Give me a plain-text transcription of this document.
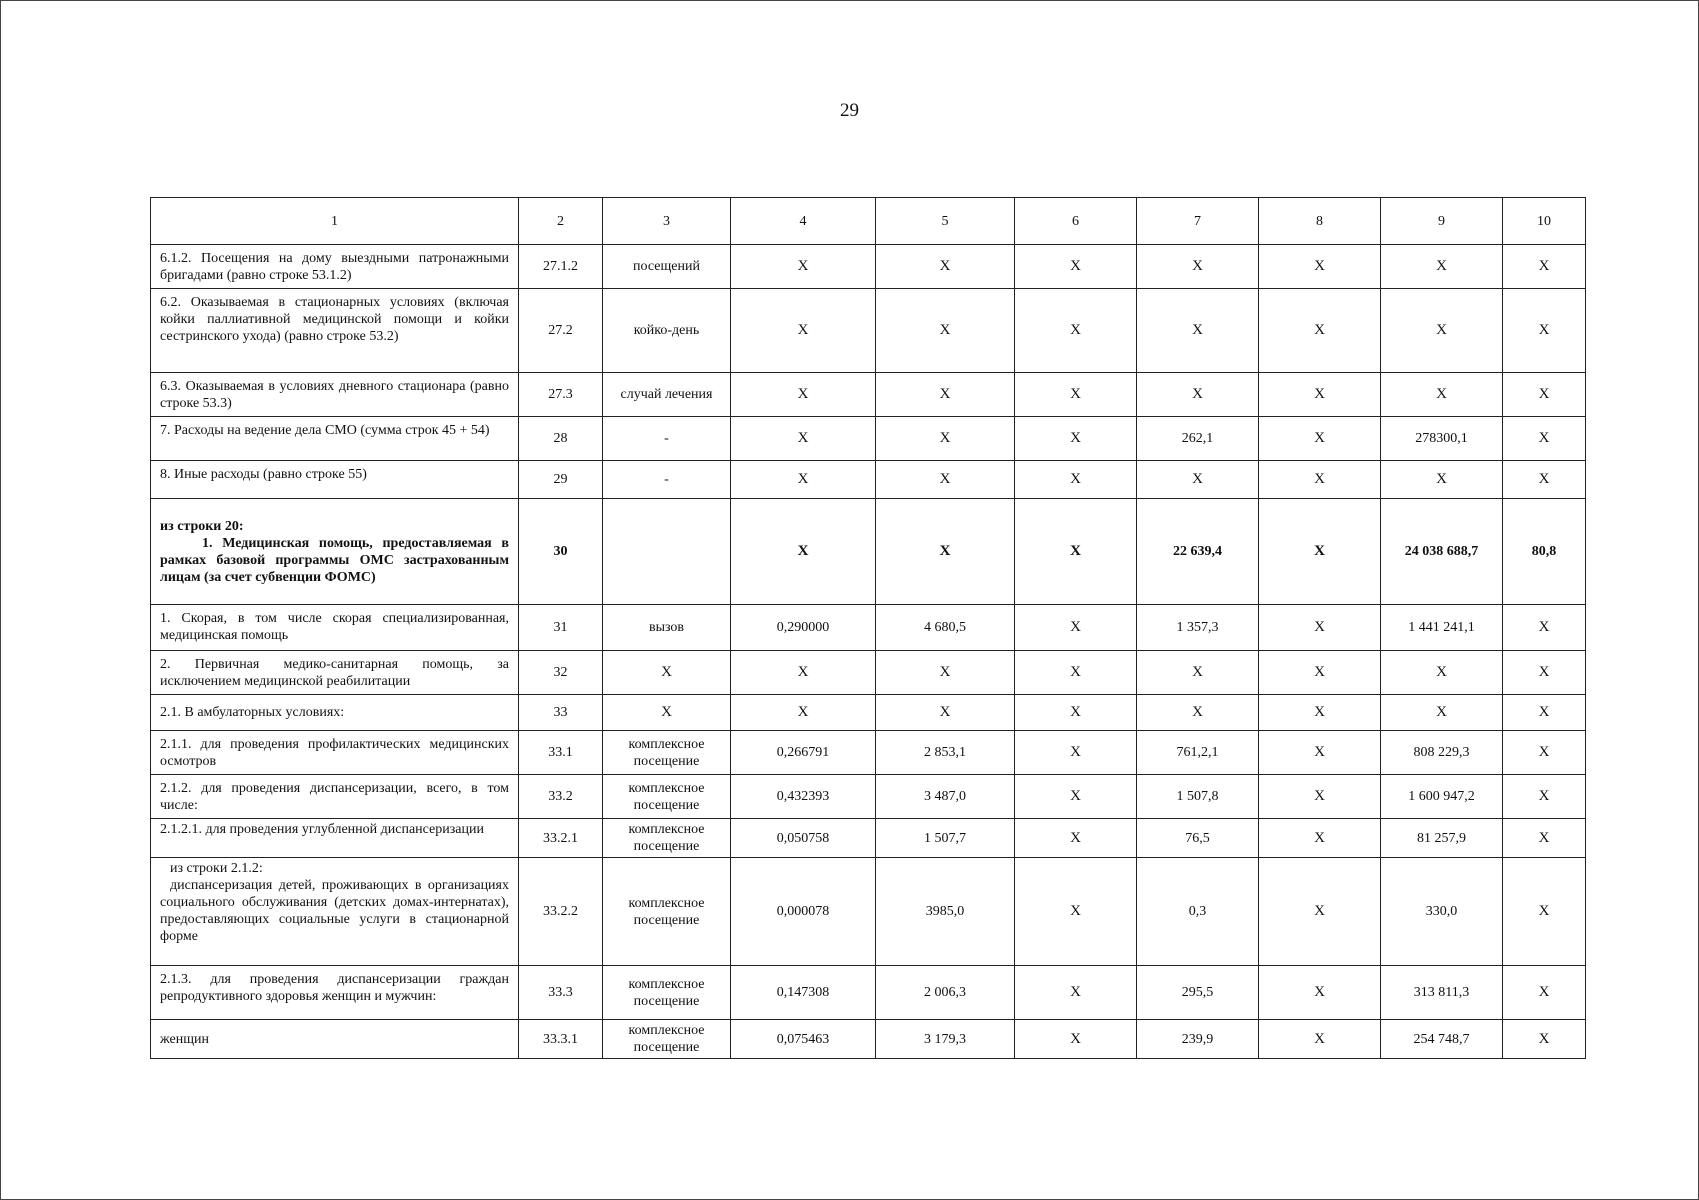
29
1	2	3	4	5	6	7	8	9	10
6.1.2. Посещения на дому выездными патронажными бригадами (равно строке 53.1.2)	27.1.2	посещений	X	X	X	X	X	X	X
6.2. Оказываемая в стационарных условиях (включая койки паллиативной медицинской помощи и койки сестринского ухода) (равно строке 53.2)	27.2	койко-день	X	X	X	X	X	X	X
6.3. Оказываемая в условиях дневного стационара (равно строке 53.3)	27.3	случай лечения	X	X	X	X	X	X	X
7. Расходы на ведение дела СМО (сумма строк 45 + 54)	28	-	X	X	X	262,1	X	278300,1	X
8. Иные расходы (равно строке 55)	29	-	X	X	X	X	X	X	X

из строки 20:
1. Медицинская помощь, предоставляемая в рамках базовой программы ОМС застрахованным лицам (за счет субвенции ФОМС)	30		X	X	X	22 639,4	X	24 038 688,7	80,8
1. Скорая, в том числе скорая специализированная, медицинская помощь	31	вызов	0,290000	4 680,5	X	1 357,3	X	1 441 241,1	X
2. Первичная медико-санитарная помощь, за исключением медицинской реабилитации	32	X	X	X	X	X	X	X	X
2.1. В амбулаторных условиях:	33	X	X	X	X	X	X	X	X
2.1.1. для проведения профилактических медицинских осмотров	33.1	комплексное посещение	0,266791	2 853,1	X	761,2,1	X	808 229,3	X
2.1.2. для проведения диспансеризации, всего, в том числе:	33.2	комплексное посещение	0,432393	3 487,0	X	1 507,8	X	1 600 947,2	X
2.1.2.1. для проведения углубленной диспансеризации	33.2.1	комплексное посещение	0,050758	1 507,7	X	76,5	X	81 257,9	X

из строки 2.1.2:
диспансеризация детей, проживающих в организациях социального обслуживания (детских домах-интернатах), предоставляющих социальные услуги в стационарной форме	33.2.2	комплексное посещение	0,000078	3985,0	X	0,3	X	330,0	X
2.1.3. для проведения диспансеризации граждан репродуктивного здоровья женщин и мужчин:	33.3	комплексное посещение	0,147308	2 006,3	X	295,5	X	313 811,3	X
женщин	33.3.1	комплексное посещение	0,075463	3 179,3	X	239,9	X	254 748,7	X
